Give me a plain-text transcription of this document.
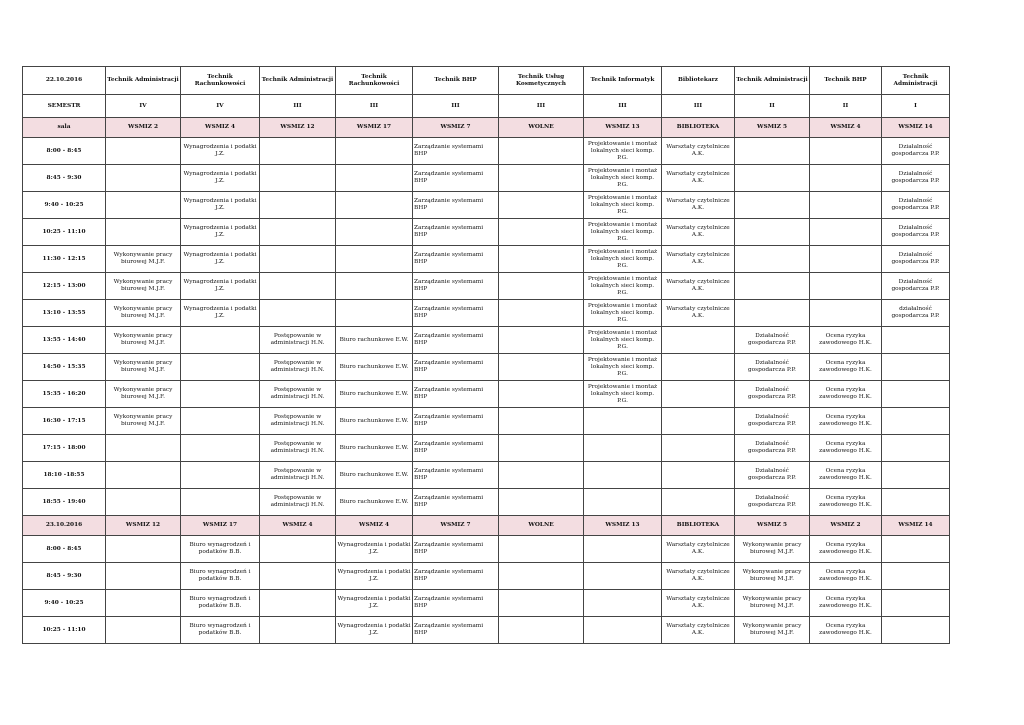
22.10.2016	Technik Administracji	Technik Rachunkowości	Technik Administracji	Technik Rachunkowości	Technik BHP	Technik Usług Kosmetycznych	Technik Informatyk	Bibliotekarz	Technik Administracji	Technik BHP	Technik Administracji
SEMESTR	IV	IV	III	III	III	III	III	III	II	II	I
sala	WSMIZ 2	WSMIZ 4	WSMIZ 12	WSMIZ 17	WSMIZ 7	WOLNE	WSMIZ 13	BIBLIOTEKA	WSMIZ 5	WSMIZ 4	WSMIZ 14
8:00 - 8:45		Wynagrodzenia i podatki J.Z.			Zarządzanie systemami BHP		Projektowanie i montaż lokalnych sieci komp. P.G.	Warsztaty czytelnicze A.K.			Działalność gospodarcza P.P.
8:45 - 9:30		Wynagrodzenia i podatki J.Z.			Zarządzanie systemami BHP		Projektowanie i montaż lokalnych sieci komp. P.G.	Warsztaty czytelnicze A.K.			Działalność gospodarcza P.P.
9:40 - 10:25		Wynagrodzenia i podatki J.Z.			Zarządzanie systemami BHP		Projektowanie i montaż lokalnych sieci komp. P.G.	Warsztaty czytelnicze A.K.			Działalność gospodarcza P.P.
10:25 - 11:10		Wynagrodzenia i podatki J.Z.			Zarządzanie systemami BHP		Projektowanie i montaż lokalnych sieci komp. P.G.	Warsztaty czytelnicze A.K.			Działalność gospodarcza P.P.
11:30 - 12:15	Wykonywanie pracy biurowej M.J.F.	Wynagrodzenia i podatki J.Z.			Zarządzanie systemami BHP		Projektowanie i montaż lokalnych sieci komp. P.G.	Warsztaty czytelnicze A.K.			Działalność gospodarcza P.P.
12:15 - 13:00	Wykonywanie pracy biurowej M.J.F.	Wynagrodzenia i podatki J.Z.			Zarządzanie systemami BHP		Projektowanie i montaż lokalnych sieci komp. P.G.	Warsztaty czytelnicze A.K.			Działalność gospodarcza P.P.
13:10 - 13:55	Wykonywanie pracy biurowej M.J.F.	Wynagrodzenia i podatki J.Z.			Zarządzanie systemami BHP		Projektowanie i montaż lokalnych sieci komp. P.G.	Warsztaty czytelnicze A.K.			działalność gospodarcza P.P.
13:55 - 14:40	Wykonywanie pracy biurowej M.J.F.		Postępowanie w administracji H.N.	Biuro rachunkowe E.W.	Zarządzanie systemami BHP		Projektowanie i montaż lokalnych sieci komp. P.G.		Działalność gospodarcza P.P.	Ocena ryzyka zawodowego H.K.	
14:50 - 15:35	Wykonywanie pracy biurowej M.J.F.		Postępowanie w administracji H.N.	Biuro rachunkowe E.W.	Zarządzanie systemami BHP		Projektowanie i montaż lokalnych sieci komp. P.G.		Działalność gospodarcza P.P.	Ocena ryzyka zawodowego H.K.	
15:35 - 16:20	Wykonywanie pracy biurowej M.J.F.		Postępowanie w administracji H.N.	Biuro rachunkowe E.W.	Zarządzanie systemami BHP		Projektowanie i montaż lokalnych sieci komp. P.G.		Działalność gospodarcza P.P.	Ocena ryzyka zawodowego H.K.	
16:30 - 17:15	Wykonywanie pracy biurowej M.J.F.		Postępowanie w administracji H.N.	Biuro rachunkowe E.W.	Zarządzanie systemami BHP				Działalność gospodarcza P.P.	Ocena ryzyka zawodowego H.K.	
17:15 - 18:00			Postępowanie w administracji H.N.	Biuro rachunkowe E.W.	Zarządzanie systemami BHP				Działalność gospodarcza P.P.	Ocena ryzyka zawodowego H.K.	
18:10 -18:55			Postępowanie w administracji H.N.	Biuro rachunkowe E.W.	Zarządzanie systemami BHP				Działalność gospodarcza P.P.	Ocena ryzyka zawodowego H.K.	
18:55 - 19:40			Postępowanie w administracji H.N.	Biuro rachunkowe E.W.	Zarządzanie systemami BHP				Działalność gospodarcza P.P.	Ocena ryzyka zawodowego H.K.	
23.10.2016	WSMIZ 12	WSMIZ 17	WSMIZ 4	WSMIZ 4	WSMIZ 7	WOLNE	WSMIZ 13	BIBLIOTEKA	WSMIZ 5	WSMIZ 2	WSMIZ 14
8:00 - 8:45		Biuro wynagrodzeń i podatków B.B.		Wynagrodzenia i podatki J.Z.	Zarządzanie systemami BHP			Warsztaty czytelnicze A.K.	Wykonywanie pracy biurowej M.J.F.	Ocena ryzyka zawodowego H.K.	
8:45 - 9:30		Biuro wynagrodzeń i podatków B.B.		Wynagrodzenia i podatki J.Z.	Zarządzanie systemami BHP			Warsztaty czytelnicze A.K.	Wykonywanie pracy biurowej M.J.F.	Ocena ryzyka zawodowego H.K.	
9:40 - 10:25		Biuro wynagrodzeń i podatków B.B.		Wynagrodzenia i podatki J.Z.	Zarządzanie systemami BHP			Warsztaty czytelnicze A.K.	Wykonywanie pracy biurowej M.J.F.	Ocena ryzyka zawodowego H.K.	
10:25 - 11:10		Biuro wynagrodzeń i podatków B.B.		Wynagrodzenia i podatki J.Z.	Zarządzanie systemami BHP			Warsztaty czytelnicze A.K.	Wykonywanie pracy biurowej M.J.F.	Ocena ryzyka zawodowego H.K.	
